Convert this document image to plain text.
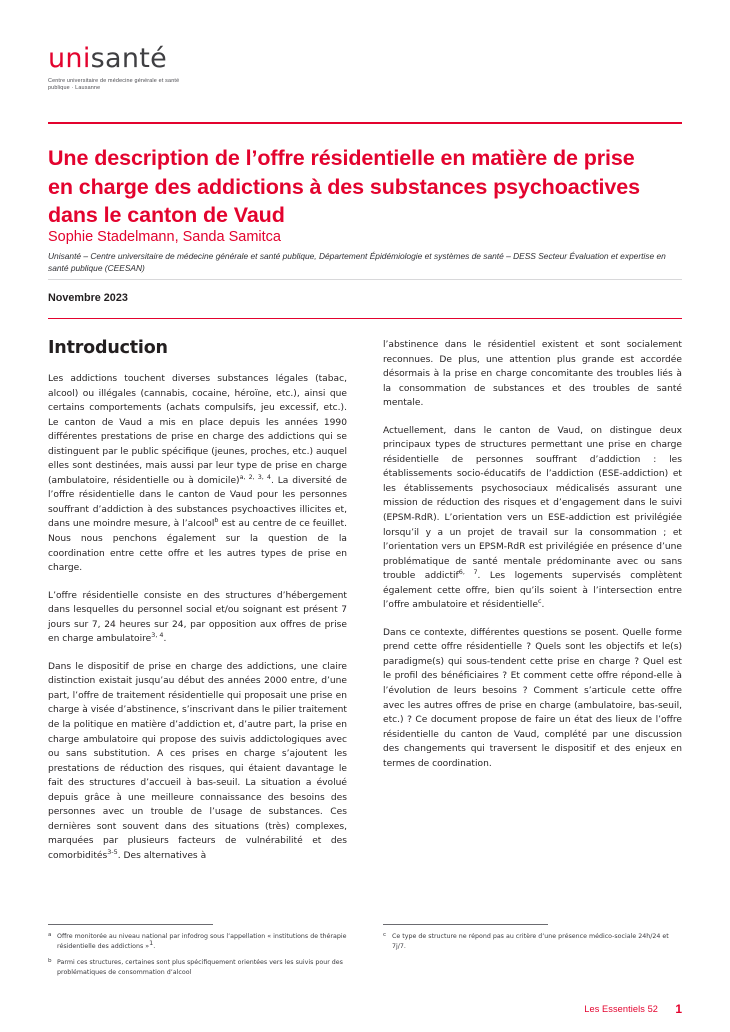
unisanté
Centre universitaire de médecine générale et santé publique · Lausanne
Une description de l’offre résidentielle en matière de prise en charge des addictions à des substances psychoactives dans le canton de Vaud
Sophie Stadelmann, Sanda Samitca
Unisanté – Centre universitaire de médecine générale et santé publique, Département Épidémiologie et systèmes de santé – DESS Secteur Évaluation et expertise en santé publique (CEESAN)
Novembre 2023
Introduction

Les addictions touchent diverses substances légales (tabac, alcool) ou illégales (cannabis, cocaine, héroïne, etc.), ainsi que certains comportements (achats compulsifs, jeu excessif, etc.). Le canton de Vaud a mis en place depuis les années 1990 différentes prestations de prise en charge des addictions qui se distinguent par le public spécifique (jeunes, proches, etc.) auquel elles sont destinées, mais aussi par leur type de prise en charge (ambulatoire, résidentielle ou à domicile)$^{a, 2, 3, 4}$. La diversité de l’offre résidentielle dans le canton de Vaud pour les personnes souffrant d’addiction à des substances psychoactives illicites et, dans une moindre mesure, à l’alcool$^b$ est au centre de ce feuillet. Nous nous penchons également sur la question de la coordination entre cette offre et les autres types de prise en charge.

L’offre résidentielle consiste en des structures d’hébergement dans lesquelles du personnel social et/ou soignant est présent 7 jours sur 7, 24 heures sur 24, par opposition aux offres de prise en charge ambulatoire$^{3, 4}$.

Dans le dispositif de prise en charge des addictions, une claire distinction existait jusqu’au début des années 2000 entre, d’une part, l’offre de traitement résidentielle qui proposait une prise en charge à visée d’abstinence, s’inscrivant dans le pilier traitement de la politique en matière d’addiction et, d’autre part, la prise en charge ambulatoire qui propose des suivis addictologiques avec ou sans substitution. A ces prises en charge s’ajoutent les prestations de réduction des risques, qui étaient davantage le fait des structures d’accueil à bas-seuil. La situation a évolué depuis grâce à une meilleure connaissance des besoins des personnes avec un trouble de l’usage de substances. Ces dernières sont souvent dans des situations (très) complexes, marquées par plusieurs facteurs de vulnérabilité et des comorbidités$^{3-5}$. Des alternatives à

l’abstinence dans le résidentiel existent et sont socialement reconnues. De plus, une attention plus grande est accordée désormais à la prise en charge concomitante des troubles liés à la consommation de substances et des troubles de santé mentale.

Actuellement, dans le canton de Vaud, on distingue deux principaux types de structures permettant une prise en charge résidentielle de personnes souffrant d’addiction : les établissements socio-éducatifs de l’addiction (ESE-addiction) et les établissements psychosociaux médicalisés assurant une mission de réduction des risques et d’engagement dans le suivi (EPSM-RdR). L’orientation vers un ESE-addiction est privilégiée lorsqu’il y a un projet de travail sur la consommation ; et l’orientation vers un EPSM-RdR est privilégiée en présence d’une problématique de santé mentale prédominante avec ou sans trouble addictif$^{6, 7}$. Les logements supervisés complètent également cette offre, bien qu’ils soient à l’intersection entre l’offre ambulatoire et résidentielle$^c$.

Dans ce contexte, différentes questions se posent. Quelle forme prend cette offre résidentielle ? Quels sont les objectifs et le(s) paradigme(s) qui sous-tendent cette prise en charge ? Quel est le profil des bénéficiaires ? Et comment cette offre répond-elle à l’évolution de leurs besoins ? Comment s’articule cette offre avec les autres offres de prise en charge (ambulatoire, bas-seuil, etc.) ? Ce document propose de faire un état des lieux de l’offre résidentielle du canton de Vaud, complété par une discussion des changements qui traversent le dispositif et des enjeux en termes de coordination.

a Offre monitorée au niveau national par infodrog sous l’appellation « institutions de thérapie résidentielle des addictions »$^1$.

b Parmi ces structures, certaines sont plus spécifiquement orientées vers les suivis pour des problématiques de consommation d’alcool

c Ce type de structure ne répond pas au critère d’une présence médico-sociale 24h/24 et 7j/7.

Les Essentiels 52 1
